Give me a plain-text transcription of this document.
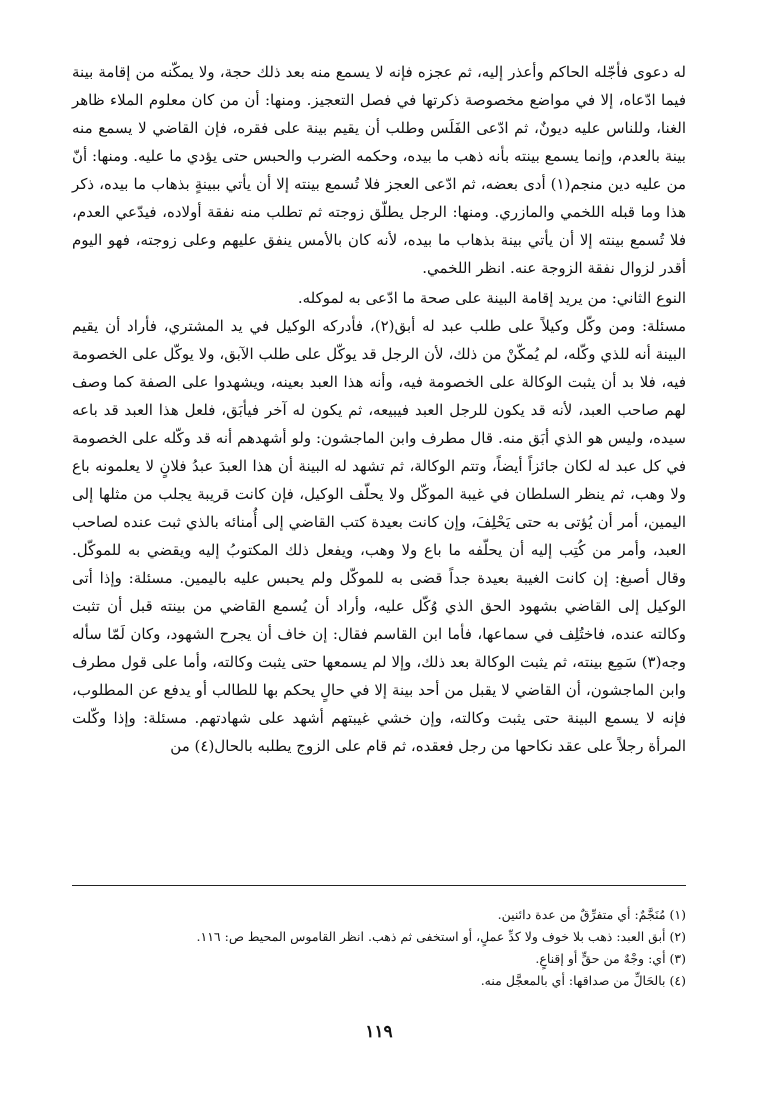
له دعوى فأجّله الحاكم وأعذر إليه، ثم عجزه فإنه لا يسمع منه بعد ذلك حجة، ولا يمكّنه من إقامة بينة فيما ادّعاه، إلا في مواضع مخصوصة ذكرتها في فصل التعجيز. ومنها: أن من كان معلوم الملاء ظاهر الغنا، وللناس عليه ديونٌ، ثم ادّعى الفَلَس وطلب أن يقيم بينة على فقره، فإن القاضي لا يسمع منه بينة بالعدم، وإنما يسمع بينته بأنه ذهب ما بيده، وحكمه الضرب والحبس حتى يؤدي ما عليه. ومنها: أنّ من عليه دين منجم(١) أدى بعضه، ثم ادّعى العجز فلا تُسمع بينته إلا أن يأتي ببينةٍ بذهاب ما بيده، ذكر هذا وما قبله اللخمي والمازري. ومنها: الرجل يطلّق زوجته ثم تطلب منه نفقة أولاده، فيدّعي العدم، فلا تُسمع بينته إلا أن يأتي بينة بذهاب ما بيده، لأنه كان بالأمس ينفق عليهم وعلى زوجته، فهو اليوم أقدر لزوال نفقة الزوجة عنه. انظر اللخمي.

النوع الثاني: من يريد إقامة البينة على صحة ما ادّعى به لموكله.

مسئلة: ومن وكّل وكيلاً على طلب عبد له أبق(٢)، فأدركه الوكيل في يد المشتري، فأراد أن يقيم البينة أنه للذي وكّله، لم يُمكّنْ من ذلك، لأن الرجل قد يوكّل على طلب الآبق، ولا يوكّل على الخصومة فيه، فلا بد أن يثبت الوكالة على الخصومة فيه، وأنه هذا العبد بعينه، ويشهدوا على الصفة كما وصف لهم صاحب العبد، لأنه قد يكون للرجل العبد فيبيعه، ثم يكون له آخر فيأبَق، فلعل هذا العبد قد باعه سيده، وليس هو الذي أبَق منه. قال مطرف وابن الماجشون: ولو أشهدهم أنه قد وكّله على الخصومة في كل عبد له لكان جائزاً أيضاً، وتتم الوكالة، ثم تشهد له البينة أن هذا العبدَ عبدُ فلانٍ لا يعلمونه باع ولا وهب، ثم ينظر السلطان في غيبة الموكّل ولا يحلّف الوكيل، فإن كانت قريبة يجلب من مثلها إلى اليمين، أمر أن يُؤتى به حتى يَحْلِفَ، وإن كانت بعيدة كتب القاضي إلى أُمنائه بالذي ثبت عنده لصاحب العبد، وأمر من كُتِب إليه أن يحلّفه ما باع ولا وهب، ويفعل ذلك المكتوبُ إليه ويقضي به للموكّل. وقال أصبغ: إن كانت الغيبة بعيدة جداً قضى به للموكّل ولم يحبس عليه باليمين. مسئلة: وإذا أتى الوكيل إلى القاضي بشهود الحق الذي وُكّل عليه، وأراد أن يُسمع القاضي من بينته قبل أن تثبت وكالته عنده، فاختُلِف في سماعها، فأما ابن القاسم فقال: إن خاف أن يجرح الشهود، وكان لَمّا سأله وجه(٣) سَمِع بينته، ثم يثبت الوكالة بعد ذلك، وإلا لم يسمعها حتى يثبت وكالته، وأما على قول مطرف وابن الماجشون، أن القاضي لا يقبل من أحد بينة إلا في حالٍ يحكم بها للطالب أو يدفع عن المطلوب، فإنه لا يسمع البينة حتى يثبت وكالته، وإن خشي غيبتهم أشهد على شهادتهم. مسئلة: وإذا وكّلت المرأة رجلاً على عقد نكاحها من رجل فعقده، ثم قام على الزوج يطلبه بالحال(٤) من

(١) مُنَجَّمٌ: أي متفرِّقٌ من عدة دائنين.

(٢) أبق العبد: ذهب بلا خوف ولا كدِّ عملٍ، أو استخفى ثم ذهب. انظر القاموس المحيط ص: ١١٦.

(٣) أي: وجْهٌ من حقٍّ أو إقناعٍ.

(٤) بالحَالِّ من صداقها: أي بالمعجَّل منه.

١١٩
